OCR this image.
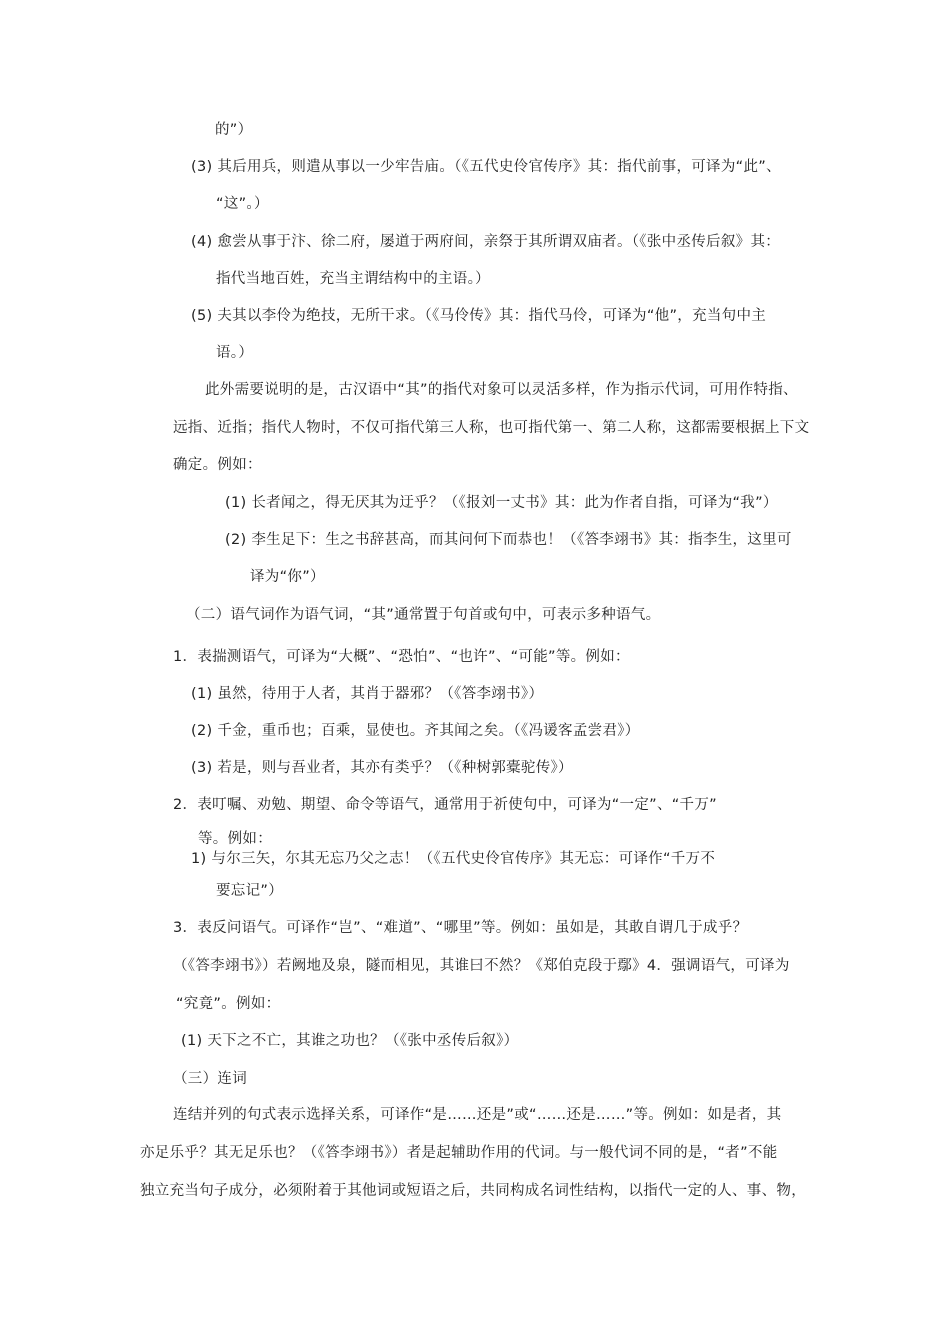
的”）
(3) 其后用兵，则遣从事以一少牢告庙。（《五代史伶官传序》其：指代前事，可译为“此”、
“这”。）
(4) 愈尝从事于汴、徐二府，屡道于两府间，亲祭于其所谓双庙者。（《张中丞传后叙》其：
指代当地百姓，充当主谓结构中的主语。）
(5) 夫其以李伶为绝技，无所干求。（《马伶传》其：指代马伶，可译为“他”，充当句中主
语。）
此外需要说明的是，古汉语中“其”的指代对象可以灵活多样，作为指示代词，可用作特指、
远指、近指；指代人物时，不仅可指代第三人称，也可指代第一、第二人称，这都需要根据上下文
确定。例如：
(1) 长者闻之，得无厌其为迂乎？（《报刘一丈书》其：此为作者自指，可译为“我”）
(2) 李生足下：生之书辞甚高，而其问何下而恭也！（《答李翊书》其：指李生，这里可
译为“你”）
（二）语气词作为语气词，“其”通常置于句首或句中，可表示多种语气。
1．表揣测语气，可译为“大概”、“恐怕”、“也许”、“可能”等。例如：
(1) 虽然，待用于人者，其肖于器邪？（《答李翊书》）
(2) 千金，重币也；百乘，显使也。齐其闻之矣。（《冯谖客孟尝君》）
(3) 若是，则与吾业者，其亦有类乎？（《种树郭橐驼传》）
2．表叮嘱、劝勉、期望、命令等语气，通常用于祈使句中，可译为“一定”、“千万”
等。例如：
1) 与尔三矢，尔其无忘乃父之志！（《五代史伶官传序》其无忘：可译作“千万不
要忘记”）
3．表反问语气。可译作“岂”、“难道”、“哪里”等。例如：虽如是，其敢自谓几于成乎？
（《答李翊书》）若阙地及泉，隧而相见，其谁曰不然？《郑伯克段于鄢》4．强调语气，可译为
“究竟”。例如：
(1) 天下之不亡，其谁之功也？（《张中丞传后叙》）
（三）连词
连结并列的句式表示选择关系，可译作“是……还是”或“……还是……”等。例如：如是者，其
亦足乐乎？其无足乐也？（《答李翊书》）者是起辅助作用的代词。与一般代词不同的是，“者”不能
独立充当句子成分，必须附着于其他词或短语之后，共同构成名词性结构，以指代一定的人、事、物，
